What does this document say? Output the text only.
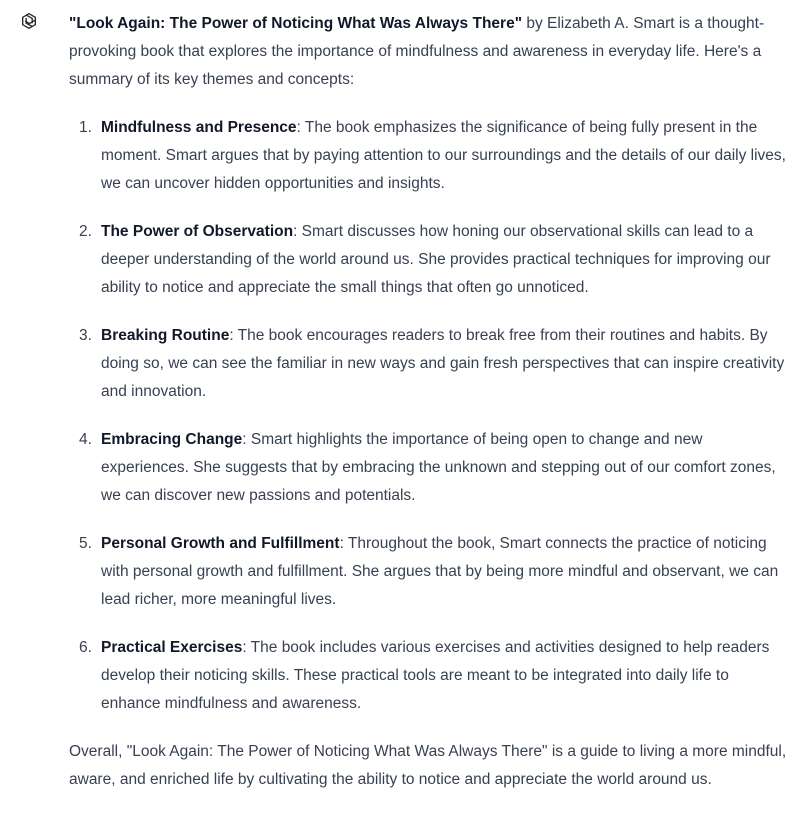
"Look Again: The Power of Noticing What Was Always There" by Elizabeth A. Smart is a thought-provoking book that explores the importance of mindfulness and awareness in everyday life. Here's a summary of its key themes and concepts:

1. Mindfulness and Presence: The book emphasizes the significance of being fully present in the moment. Smart argues that by paying attention to our surroundings and the details of our daily lives, we can uncover hidden opportunities and insights.
2. The Power of Observation: Smart discusses how honing our observational skills can lead to a deeper understanding of the world around us. She provides practical techniques for improving our ability to notice and appreciate the small things that often go unnoticed.
3. Breaking Routine: The book encourages readers to break free from their routines and habits. By doing so, we can see the familiar in new ways and gain fresh perspectives that can inspire creativity and innovation.
4. Embracing Change: Smart highlights the importance of being open to change and new experiences. She suggests that by embracing the unknown and stepping out of our comfort zones, we can discover new passions and potentials.
5. Personal Growth and Fulfillment: Throughout the book, Smart connects the practice of noticing with personal growth and fulfillment. She argues that by being more mindful and observant, we can lead richer, more meaningful lives.
6. Practical Exercises: The book includes various exercises and activities designed to help readers develop their noticing skills. These practical tools are meant to be integrated into daily life to enhance mindfulness and awareness.

Overall, "Look Again: The Power of Noticing What Was Always There" is a guide to living a more mindful, aware, and enriched life by cultivating the ability to notice and appreciate the world around us.
